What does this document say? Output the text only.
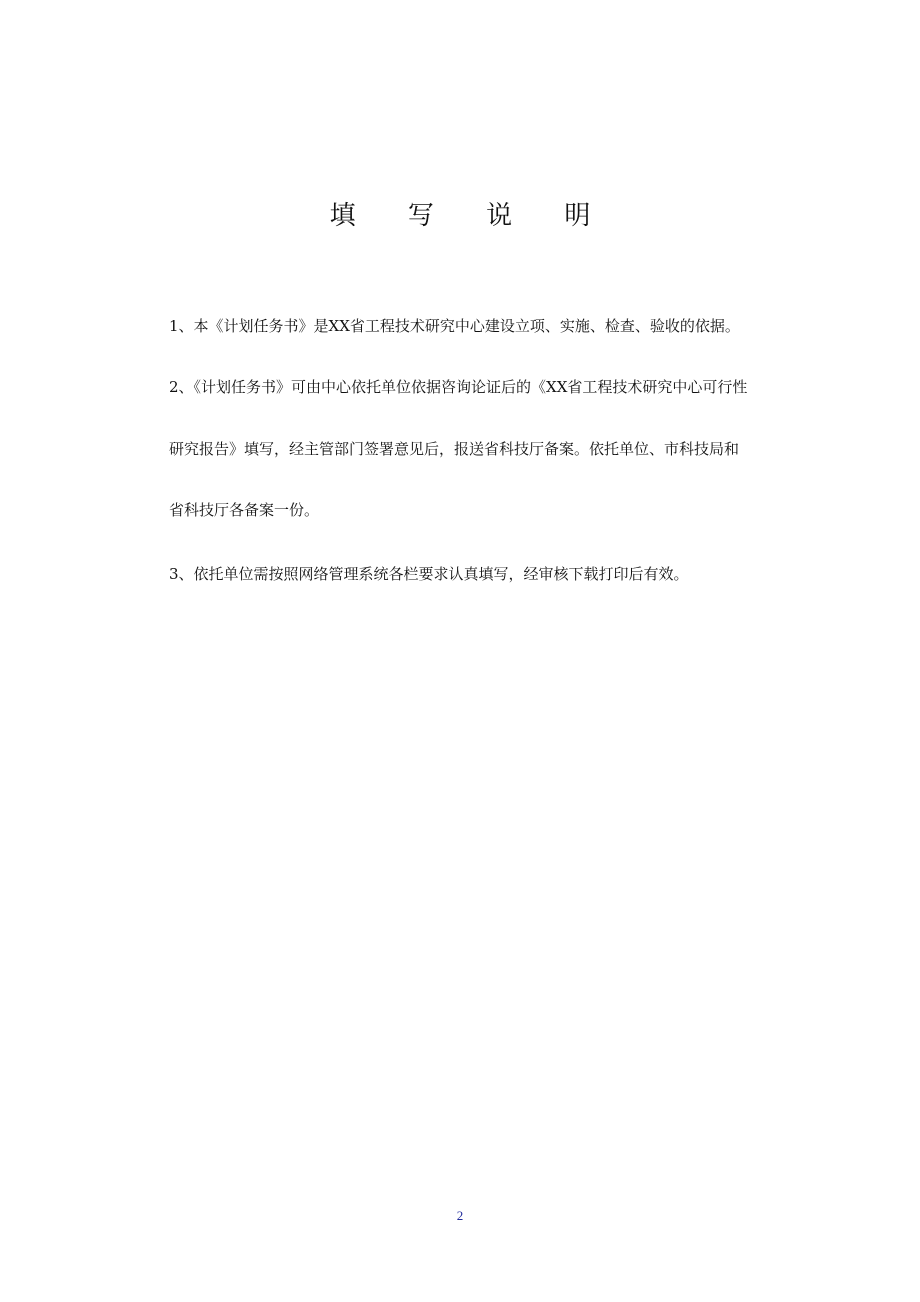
填 写 说 明
1、本《计划任务书》是XX省工程技术研究中心建设立项、实施、检查、验收的依据。
2、《计划任务书》可由中心依托单位依据咨询论证后的《XX省工程技术研究中心可行性
研究报告》填写，经主管部门签署意见后，报送省科技厅备案。依托单位、市科技局和
省科技厅各备案一份。
3、依托单位需按照网络管理系统各栏要求认真填写，经审核下载打印后有效。
2
